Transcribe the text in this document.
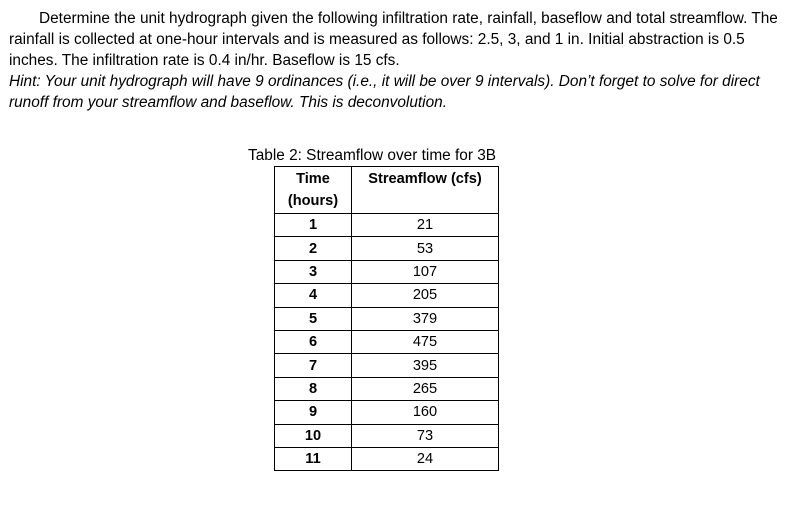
Determine the unit hydrograph given the following infiltration rate, rainfall, baseflow and total streamflow. The rainfall is collected at one-hour intervals and is measured as follows: 2.5, 3, and 1 in. Initial abstraction is 0.5 inches. The infiltration rate is 0.4 in/hr. Baseflow is 15 cfs.

Hint: Your unit hydrograph will have 9 ordinances (i.e., it will be over 9 intervals). Don’t forget to solve for direct runoff from your streamflow and baseflow. This is deconvolution.

Table 2: Streamflow over time for 3B
Time
(hours)	Streamflow (cfs)
1	21
2	53
3	107
4	205
5	379
6	475
7	395
8	265
9	160
10	73
11	24
